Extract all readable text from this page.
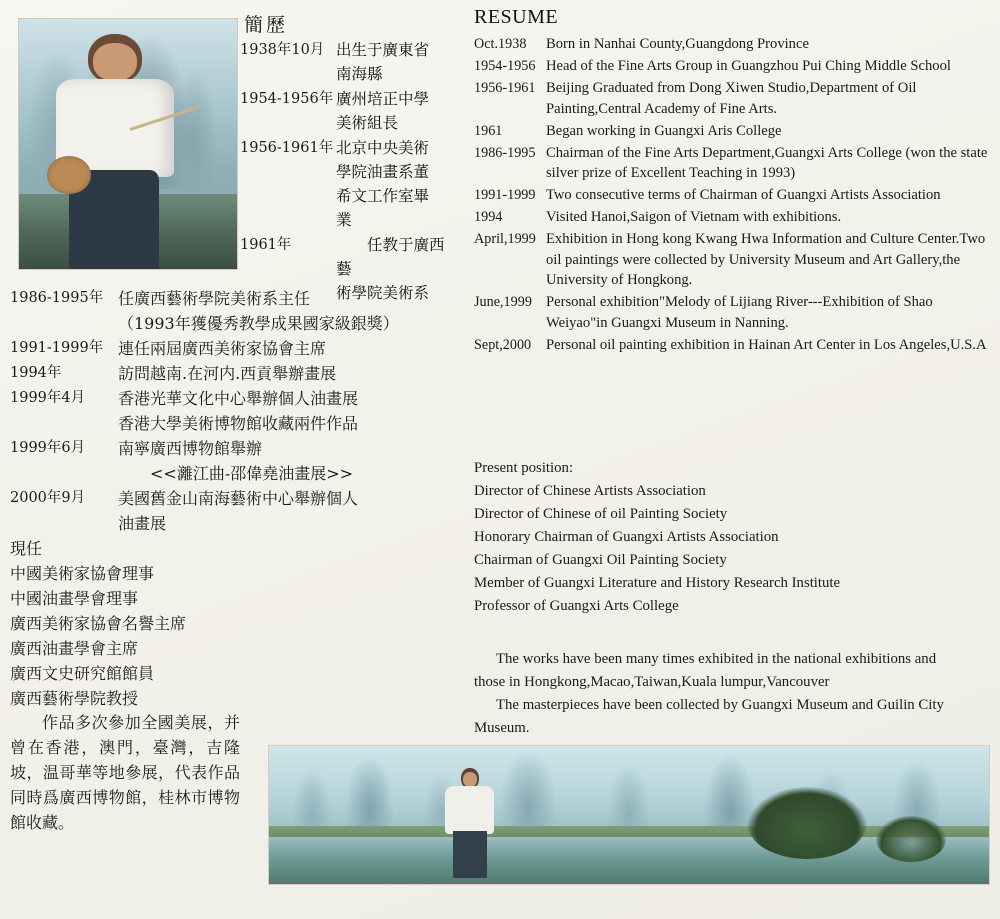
簡歷
1938年10月 出生于廣東省
南海縣
1954-1956年 廣州培正中學
美術組長
1956-1961年 北京中央美術
學院油畫系董
希文工作室畢
業
1961年	　　任教于廣西藝
術學院美術系
1986-1995年 任廣西藝術學院美術系主任
（1993年獲優秀教學成果國家級銀獎）
1991-1999年 連任兩屆廣西美術家協會主席
1994年	訪問越南.在河内.西貢舉辦畫展
1999年4月	香港光華文化中心舉辦個人油畫展
香港大學美術博物館收藏兩件作品
1999年6月	南寧廣西博物館舉辦
　　<<灕江曲-邵偉堯油畫展>>
2000年9月	美國舊金山南海藝術中心舉辦個人
油畫展
現任
中國美術家協會理事
中國油畫學會理事
廣西美術家協會名譽主席
廣西油畫學會主席
廣西文史研究館館員
廣西藝術學院教授
作品多次參加全國美展，并曾在香港，澳門，臺灣，吉隆坡，温哥華等地參展，代表作品同時爲廣西博物館，桂林市博物館收藏。
RESUME
Oct.1938	Born in Nanhai County,Guangdong Province
1954-1956 Head of the Fine Arts Group in Guangzhou Pui Ching Middle School
1956-1961 Beijing Graduated from Dong Xiwen Studio,Department of Oil Painting,Central Academy of Fine Arts.
1961	Began working in Guangxi Aris College
1986-1995 Chairman of the Fine Arts Department,Guangxi Arts College (won the state silver prize of Excellent Teaching in 1993)
1991-1999 Two consecutive terms of Chairman of Guangxi Artists Association
1994	Visited Hanoi,Saigon of Vietnam with exhibitions.
April,1999 Exhibition in Hong kong Kwang Hwa Information and Culture Center.Two oil paintings were collected by University Museum and Art Gallery,the University of Hongkong.
June,1999 Personal exhibition"Melody of Lijiang River---Exhibition of Shao Weiyao"in Guangxi Museum in Nanning.
Sept,2000	Personal oil painting exhibition in Hainan Art Center in Los Angeles,U.S.A
Present position:
Director of Chinese Artists Association
Director of Chinese of oil Painting Society
Honorary Chairman of Guangxi Artists Association
Chairman of Guangxi Oil Painting Society
Member of Guangxi Literature and History Research Institute
Professor of Guangxi Arts College
The works have been many times exhibited in the national exhibitions and those in Hongkong,Macao,Taiwan,Kuala lumpur,Vancouver
The masterpieces have been collected by Guangxi Museum and Guilin City Museum.
